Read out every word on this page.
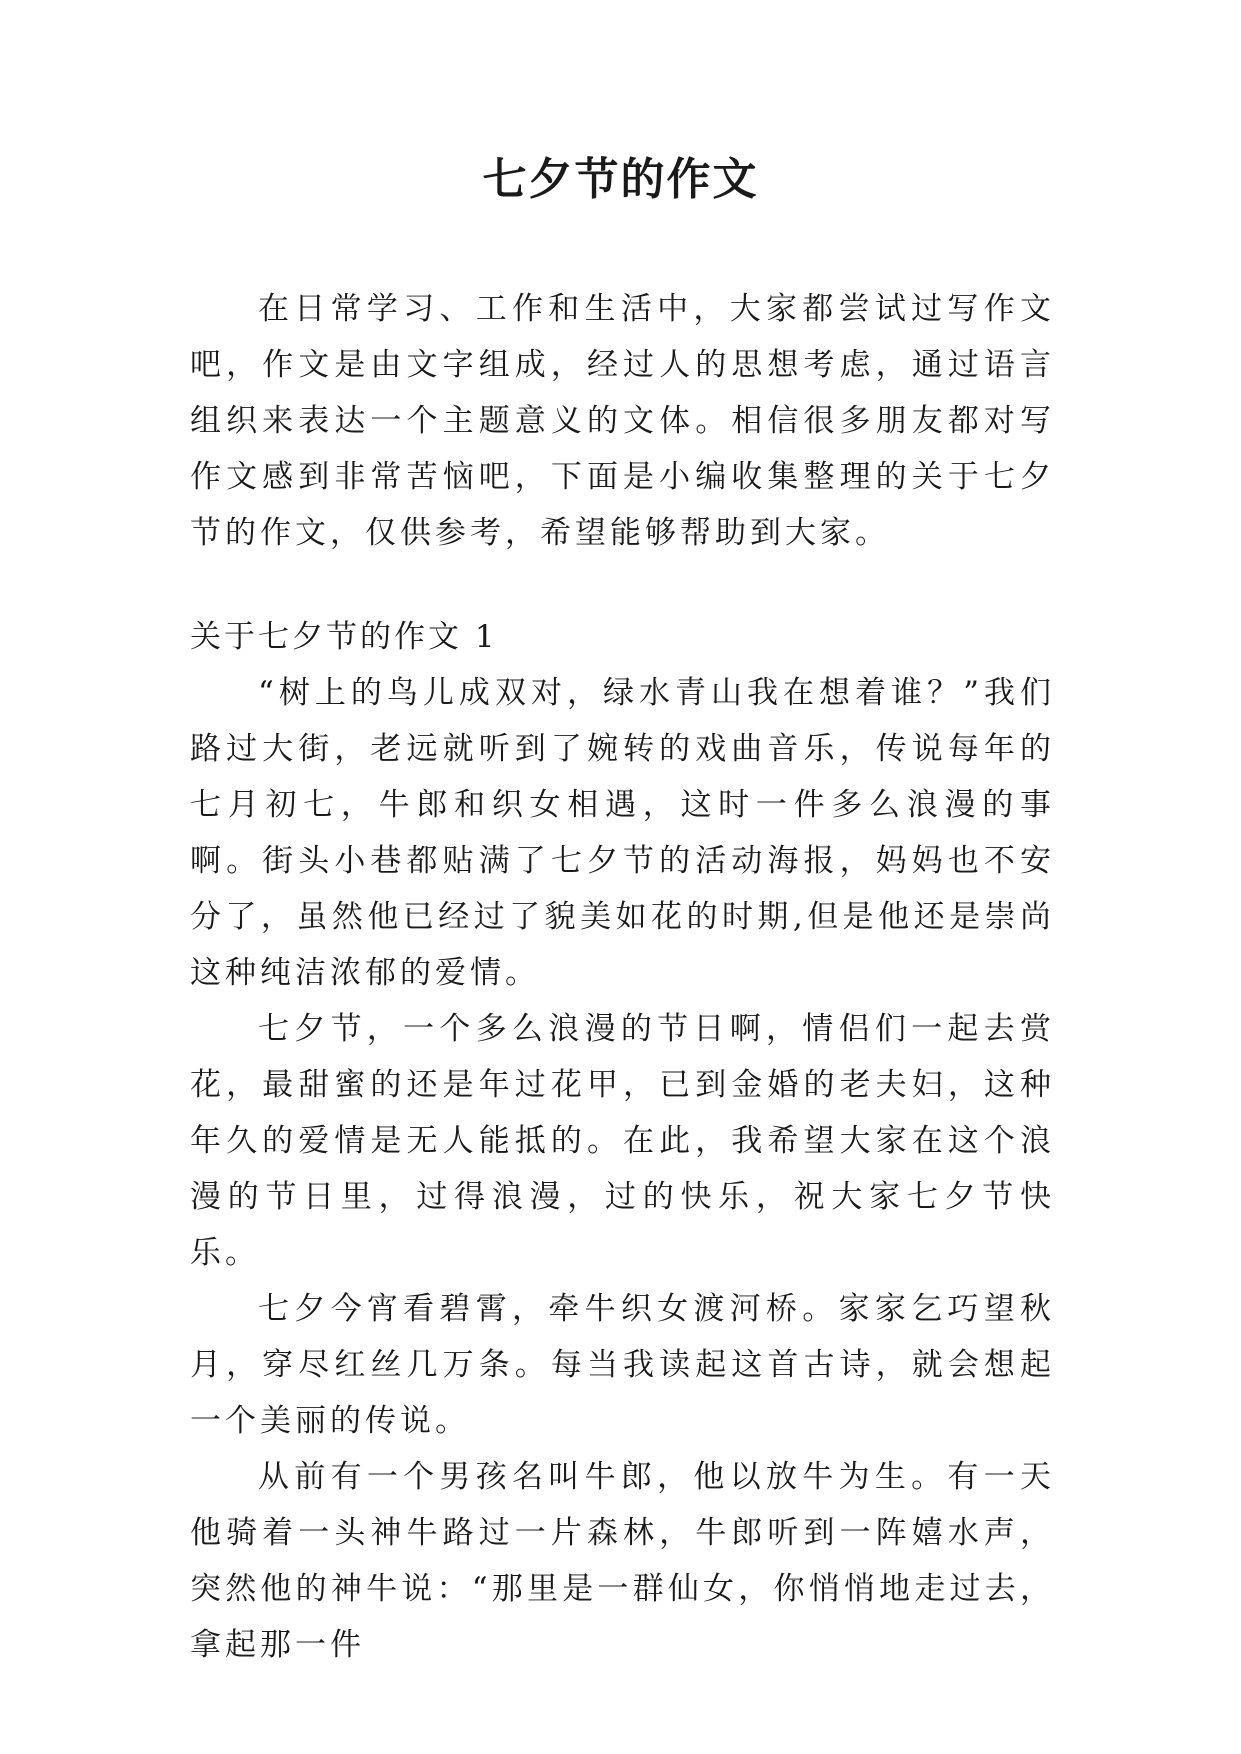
七夕节的作文

在日常学习、工作和生活中，大家都尝试过写作文吧，作文是由文字组成，经过人的思想考虑，通过语言组织来表达一个主题意义的文体。相信很多朋友都对写作文感到非常苦恼吧，下面是小编收集整理的关于七夕节的作文，仅供参考，希望能够帮助到大家。

关于七夕节的作文 1

“树上的鸟儿成双对，绿水青山我在想着谁？”我们路过大街，老远就听到了婉转的戏曲音乐，传说每年的七月初七，牛郎和织女相遇，这时一件多么浪漫的事啊。街头小巷都贴满了七夕节的活动海报，妈妈也不安分了，虽然他已经过了貌美如花的时期,但是他还是崇尚这种纯洁浓郁的爱情。

七夕节，一个多么浪漫的节日啊，情侣们一起去赏花，最甜蜜的还是年过花甲，已到金婚的老夫妇，这种年久的爱情是无人能抵的。在此，我希望大家在这个浪漫的节日里，过得浪漫，过的快乐，祝大家七夕节快乐。

七夕今宵看碧霄，牵牛织女渡河桥。家家乞巧望秋月，穿尽红丝几万条。每当我读起这首古诗，就会想起一个美丽的传说。

从前有一个男孩名叫牛郎，他以放牛为生。有一天他骑着一头神牛路过一片森林，牛郎听到一阵嬉水声，突然他的神牛说：“那里是一群仙女，你悄悄地走过去，拿起那一件
